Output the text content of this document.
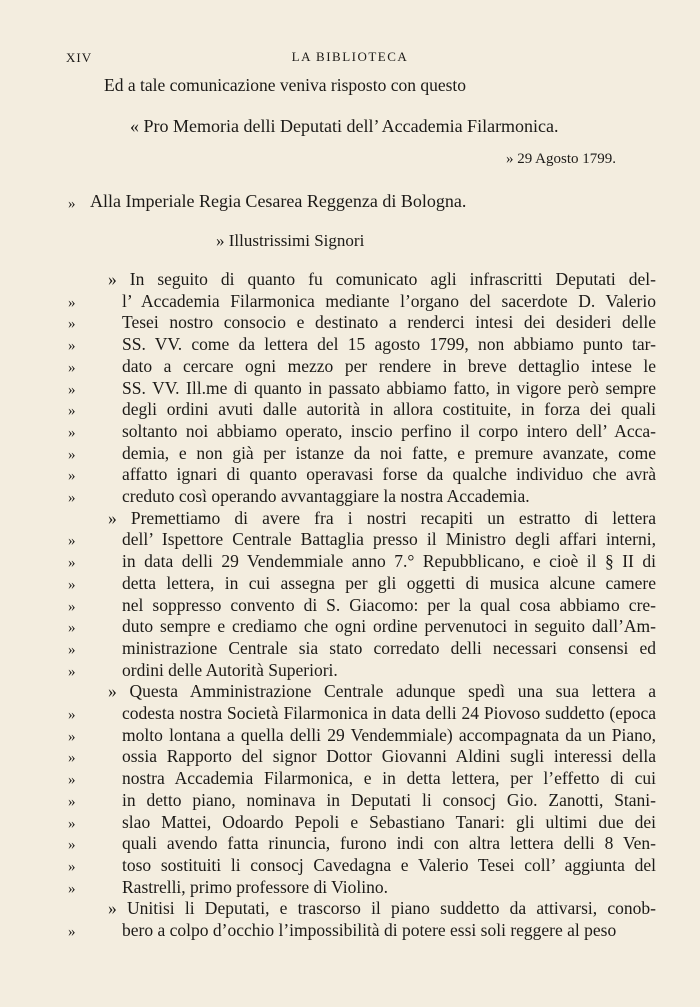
XIV	LA BIBLIOTECA
Ed a tale comunicazione veniva risposto con questo
« Pro Memoria delli Deputati dell’ Accademia Filarmonica.
» 29 Agosto 1799.
» Alla Imperiale Regia Cesarea Reggenza di Bologna.
» Illustrissimi Signori
» In seguito di quanto fu comunicato agli infrascritti Deputati del-
»	l’ Accademia Filarmonica mediante l’organo del sacerdote D. Valerio
»	Tesei nostro consocio e destinato a renderci intesi dei desideri delle
»	SS. VV. come da lettera del 15 agosto 1799, non abbiamo punto tar-
»	dato a cercare ogni mezzo per rendere in breve dettaglio intese le
»	SS. VV. Ill.me di quanto in passato abbiamo fatto, in vigore però sempre
»	degli ordini avuti dalle autorità in allora costituite, in forza dei quali
»	soltanto noi abbiamo operato, inscio perfino il corpo intero dell’ Acca-
»	demia, e non già per istanze da noi fatte, e premure avanzate, come
»	affatto ignari di quanto operavasi forse da qualche individuo che avrà
»	creduto così operando avvantaggiare la nostra Accademia.
» Premettiamo di avere fra i nostri recapiti un estratto di lettera
»	dell’ Ispettore Centrale Battaglia presso il Ministro degli affari interni,
»	in data delli 29 Vendemmiale anno 7.° Repubblicano, e cioè il § II di
»	detta lettera, in cui assegna per gli oggetti di musica alcune camere
»	nel soppresso convento di S. Giacomo: per la qual cosa abbiamo cre-
»	duto sempre e crediamo che ogni ordine pervenutoci in seguito dall’Am-
»	ministrazione Centrale sia stato corredato delli necessari consensi ed
»	ordini delle Autorità Superiori.
» Questa Amministrazione Centrale adunque spedì una sua lettera a
»	codesta nostra Società Filarmonica in data delli 24 Piovoso suddetto (epoca
»	molto lontana a quella delli 29 Vendemmiale) accompagnata da un Piano,
»	ossia Rapporto del signor Dottor Giovanni Aldini sugli interessi della
»	nostra Accademia Filarmonica, e in detta lettera, per l’effetto di cui
»	in detto piano, nominava in Deputati li consocj Gio. Zanotti, Stani-
»	slao Mattei, Odoardo Pepoli e Sebastiano Tanari: gli ultimi due dei
»	quali avendo fatta rinuncia, furono indi con altra lettera delli 8 Ven-
»	toso sostituiti li consocj Cavedagna e Valerio Tesei coll’ aggiunta del
»	Rastrelli, primo professore di Violino.
» Unitisi li Deputati, e trascorso il piano suddetto da attivarsi, conob-
»	bero a colpo d’occhio l’impossibilità di potere essi soli reggere al peso
